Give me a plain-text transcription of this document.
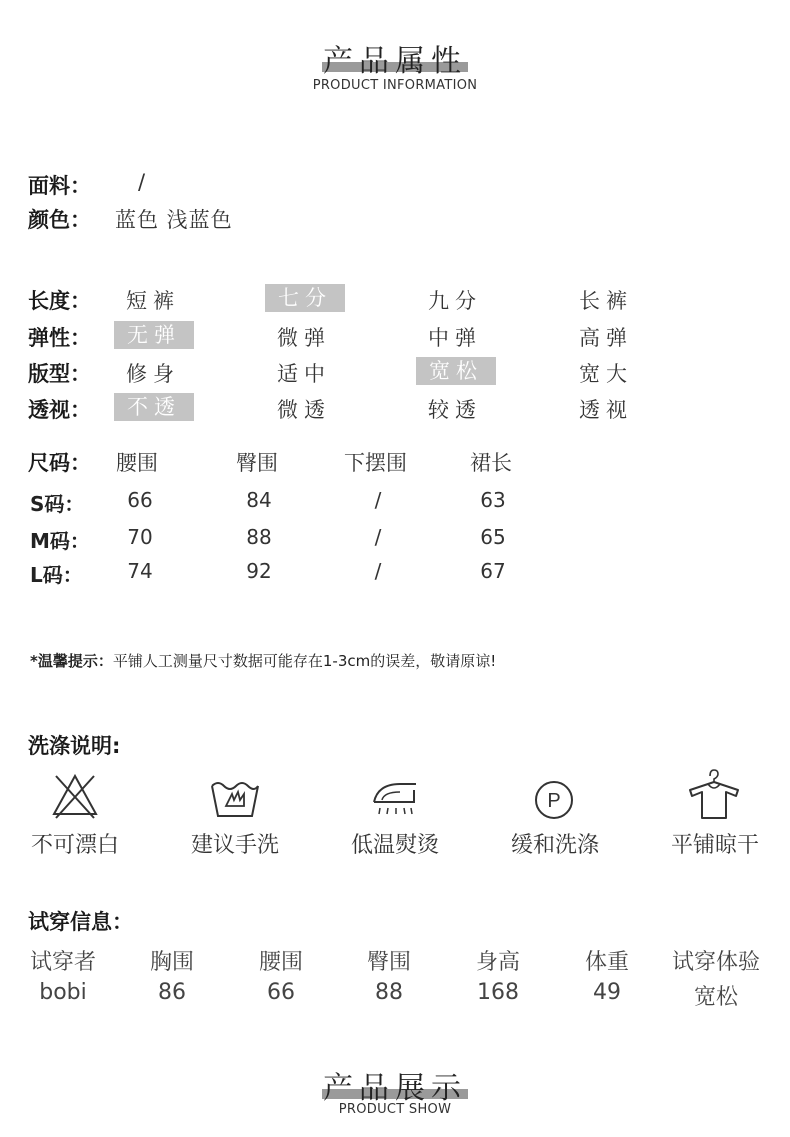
产品属性
PRODUCT INFORMATION
面料： /
颜色： 蓝色 浅蓝色
长度： 短裤	七分	九分	长裤
弹性：	无弹	微弹	中弹	高弹
版型： 修身	适中	宽松	宽大
透视：	不透	微透	较透	透视
尺码： 腰围	臀围	下摆围	裙长
S码：	66	84	/	63
M码：	70	88	/	65
L码：	74	92	/	67
*温馨提示：平铺人工测量尺寸数据可能存在1-3cm的误差，敬请原谅!
洗涤说明:
P
不可漂白	建议手洗	低温熨烫	缓和洗涤	平铺晾干
试穿信息：
试穿者	胸围	腰围	臀围	身高	体重	试穿体验
bobi	86	66	88	168	49	宽松
产品展示
PRODUCT SHOW
